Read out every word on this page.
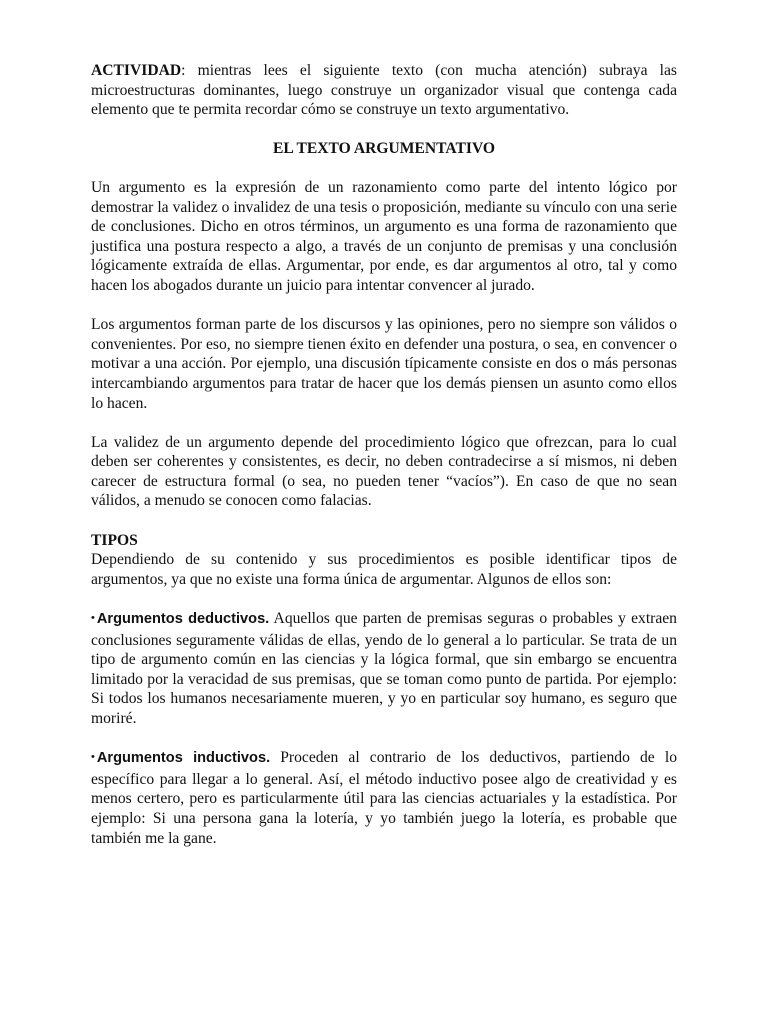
ACTIVIDAD: mientras lees el siguiente texto (con mucha atención) subraya las microestructuras dominantes, luego construye un organizador visual que contenga cada elemento que te permita recordar cómo se construye un texto argumentativo.

EL TEXTO ARGUMENTATIVO

Un argumento es la expresión de un razonamiento como parte del intento lógico por demostrar la validez o invalidez de una tesis o proposición, mediante su vínculo con una serie de conclusiones. Dicho en otros términos, un argumento es una forma de razonamiento que justifica una postura respecto a algo, a través de un conjunto de premisas y una conclusión lógicamente extraída de ellas. Argumentar, por ende, es dar argumentos al otro, tal y como hacen los abogados durante un juicio para intentar convencer al jurado.

Los argumentos forman parte de los discursos y las opiniones, pero no siempre son válidos o convenientes. Por eso, no siempre tienen éxito en defender una postura, o sea, en convencer o motivar a una acción. Por ejemplo, una discusión típicamente consiste en dos o más personas intercambiando argumentos para tratar de hacer que los demás piensen un asunto como ellos lo hacen.

La validez de un argumento depende del procedimiento lógico que ofrezcan, para lo cual deben ser coherentes y consistentes, es decir, no deben contradecirse a sí mismos, ni deben carecer de estructura formal (o sea, no pueden tener “vacíos”). En caso de que no sean válidos, a menudo se conocen como falacias.

TIPOS

Dependiendo de su contenido y sus procedimientos es posible identificar tipos de argumentos, ya que no existe una forma única de argumentar. Algunos de ellos son:

• Argumentos deductivos. Aquellos que parten de premisas seguras o probables y extraen conclusiones seguramente válidas de ellas, yendo de lo general a lo particular. Se trata de un tipo de argumento común en las ciencias y la lógica formal, que sin embargo se encuentra limitado por la veracidad de sus premisas, que se toman como punto de partida. Por ejemplo: Si todos los humanos necesariamente mueren, y yo en particular soy humano, es seguro que moriré.

• Argumentos inductivos. Proceden al contrario de los deductivos, partiendo de lo específico para llegar a lo general. Así, el método inductivo posee algo de creatividad y es menos certero, pero es particularmente útil para las ciencias actuariales y la estadística. Por ejemplo: Si una persona gana la lotería, y yo también juego la lotería, es probable que también me la gane.
